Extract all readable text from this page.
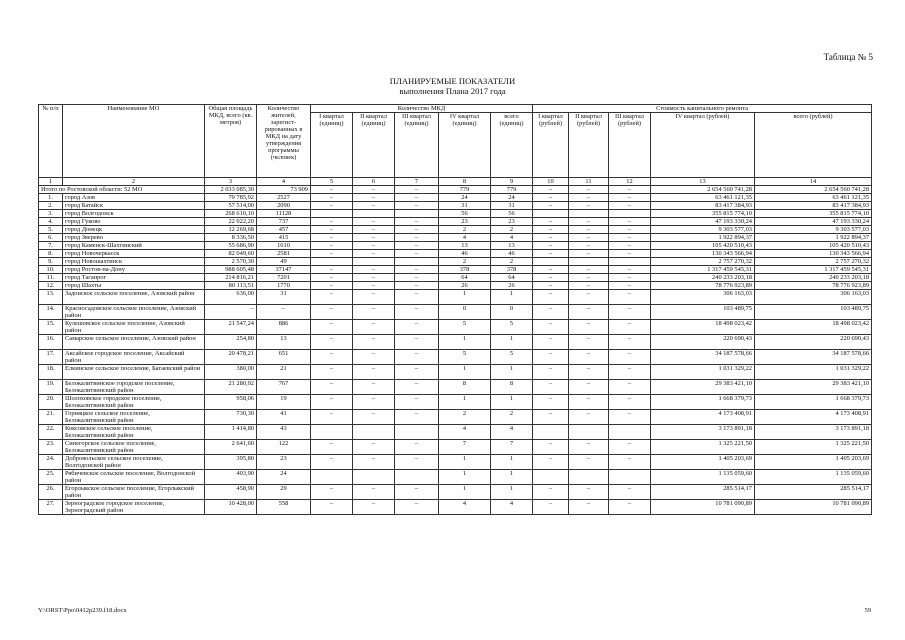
Таблица № 5
ПЛАНИРУЕМЫЕ ПОКАЗАТЕЛИ
выполнения Плана 2017 года
№ п/п	Наименование МО	Общая площадь МКД, всего (кв. метров)	Количество жителей, зарегист-рированных в МКД на дату утверждения программы (человек)	Количество МКД					Стоимость капитального ремонта				
				I квартал (единиц)	II квартал (единиц)	III квартал (единиц)	IV квартал (единиц)	всего (единиц)	I квартал (рублей)	II квартал (рублей)	III квартал (рублей)	IV квартал (рублей)	всего (рублей)
1	2	3	4	5	6	7	8	9	10	11	12	13	14
Итого по Ростовской области: 52 МО		2 033 085,30	73 909	–	–	–	779	779	–	–	–	2 654 560 741,28	2 654 560 741,28
1.	город Азов	79 785,92	2527	–	–	–	24	24	–	–	–	63 461 121,35	63 461 121,35
2.	город Батайск	57 514,00	2090	–	–	–	31	31	–	–	–	83 417 384,93	83 417 384,93
3.	город Волгодонск	268 610,10	11128				56	56				355 815 774,10	355 815 774,10
4.	город Гуково	22 022,20	737	–	–	–	23	23	–	–	–	47 193 330,24	47 193 330,24
5.	город Донецк	12 269,68	457	–	–	–	2	2	–	–	–	9 303 577,03	9 303 577,03
6.	город Зверево	8 336,50	415	–	–	–	4	4	–	–	–	1 922 894,37	1 922 894,37
7.	город Каменск-Шахтинский	55 686,90	1610	–	–	–	13	13	–	–	–	105 420 510,43	105 420 510,43
8.	город Новочеркасск	82 049,60	2581	–	–	–	46	46	–	–	–	130 343 566,94	130 343 566,94
9.	город Новошахтинск	2 570,30	49				2	2				2 757 270,32	2 757 270,32
10.	город Ростов-на-Дону	988 605,48	37147	–	–	–	378	378	–	–	–	1 317 459 545,31	1 317 459 545,31
11.	город Таганрог	214 816,21	7201	–	–	–	64	64	–	–	–	240 233 203,18	240 233 203,18
12.	город Шахты	80 113,51	1770	–	–	–	26	26	–	–	–	78 776 923,89	78 776 923,89
13.	Задонское сельское поселение, Азовский район	636,00	31	–	–	–	1	1	–	–	–	306 163,03	306 163,03
14.	Красносадовское сельское поселение, Азовский район	–	–	–	–	–	0	0	–	–	–	103 489,75	103 489,75
15.	Кулешовское сельское поселение, Азовский район	21 547,24	886	–	–	–	5	5	–	–	–	18 498 023,42	18 498 023,42
16.	Самарское сельское поселение, Азовский район	254,80	13	–	–	–	1	1	–	–	–	220 690,43	220 690,43
17.	Аксайское городское поселение, Аксайский район	20 478,21	651	–	–	–	5	5	–	–	–	34 187 578,66	34 187 578,66
18.	Елкинское сельское поселение, Багаевский район	380,00	21	–	–	–	1	1	–	–	–	1 031 329,22	1 031 329,22
19.	Белокалитвинское городское поселение, Белокалитвинский район	21 280,92	767	–	–	–	8	8	–	–	–	29 383 421,10	29 383 421,10
20.	Шолоховское городское поселение, Белокалитвинский район	958,06	19	–	–	–	1	1	–	–	–	1 668 379,73	1 668 379,73
21.	Горняцкое сельское поселение, Белокалитвинский район	730,30	41	–	–	–	2	2	–	–	–	4 173 408,91	4 173 408,91
22.	Коксовское сельское поселение, Белокалитвинский район	1 414,80	43				4	4				3 173 891,18	3 173 891,18
23.	Синегорское сельское поселение, Белокалитвинский район	2 641,60	122	–	–	–	7	7	–	–	–	1 325 221,50	1 325 221,50
24.	Добровольское сельское поселение, Волгодонской район	395,80	23	–	–	–	1	1	–	–	–	1 405 203,69	1 405 203,69
25.	Рябичевское сельское поселение, Волгодонской район	403,90	24				1	1				1 135 059,60	1 135 059,60
26.	Егорлыкское сельское поселение, Егорлыкский район	458,90	29	–	–	–	1	1	–	–	–	285 514,17	285 514,17
27.	Зерноградское городское поселение, Зерноградский район	10 428,00	558	–	–	–	4	4	–	–	–	10 781 090,89	10 781 090,89
Y:\ORST\Ppo\0412p239.f18.docx	59
